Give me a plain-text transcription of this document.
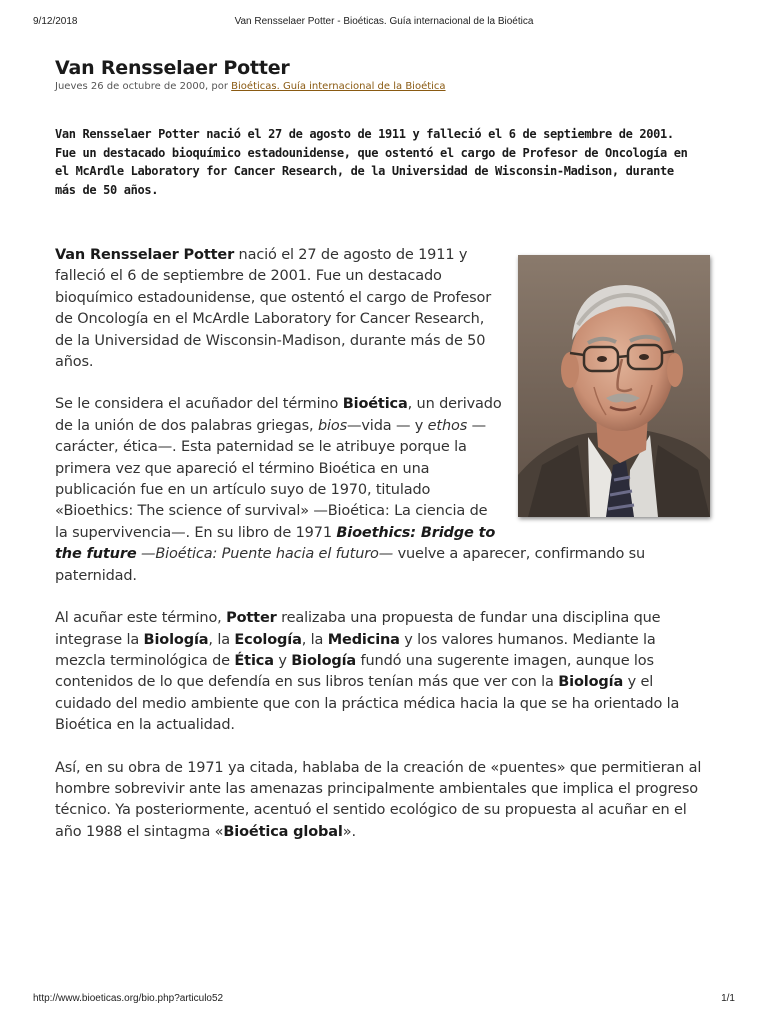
9/12/2018	Van Rensselaer Potter - Bioéticas. Guía internacional de la Bioética
Van Rensselaer Potter

Jueves 26 de octubre de 2000, por Bioéticas. Guía internacional de la Bioética

Van Rensselaer Potter nació el 27 de agosto de 1911 y falleció el 6 de septiembre de 2001. Fue un destacado bioquímico estadounidense, que ostentó el cargo de Profesor de Oncología en el McArdle Laboratory for Cancer Research, de la Universidad de Wisconsin-Madison, durante más de 50 años.

Van Rensselaer Potter nació el 27 de agosto de 1911 y falleció el 6 de septiembre de 2001. Fue un destacado bioquímico estadounidense, que ostentó el cargo de Profesor de Oncología en el McArdle Laboratory for Cancer Research, de la Universidad de Wisconsin-Madison, durante más de 50 años.

Se le considera el acuñador del término Bioética, un derivado de la unión de dos palabras griegas, bios—vida — y ethos —carácter, ética—. Esta paternidad se le atribuye porque la primera vez que apareció el término Bioética en una publicación fue en un artículo suyo de 1970, titulado «Bioethics: The science of survival» —Bioética: La ciencia de la supervivencia—. En su libro de 1971 Bioethics: Bridge to the future —Bioética: Puente hacia el futuro— vuelve a aparecer, confirmando su paternidad.

Al acuñar este término, Potter realizaba una propuesta de fundar una disciplina que integrase la Biología, la Ecología, la Medicina y los valores humanos. Mediante la mezcla terminológica de Ética y Biología fundó una sugerente imagen, aunque los contenidos de lo que defendía en sus libros tenían más que ver con la Biología y el cuidado del medio ambiente que con la práctica médica hacia la que se ha orientado la Bioética en la actualidad.

Así, en su obra de 1971 ya citada, hablaba de la creación de «puentes» que permitieran al hombre sobrevivir ante las amenazas principalmente ambientales que implica el progreso técnico. Ya posteriormente, acentuó el sentido ecológico de su propuesta al acuñar en el año 1988 el sintagma «Bioética global».

http://www.bioeticas.org/bio.php?articulo52	1/1
